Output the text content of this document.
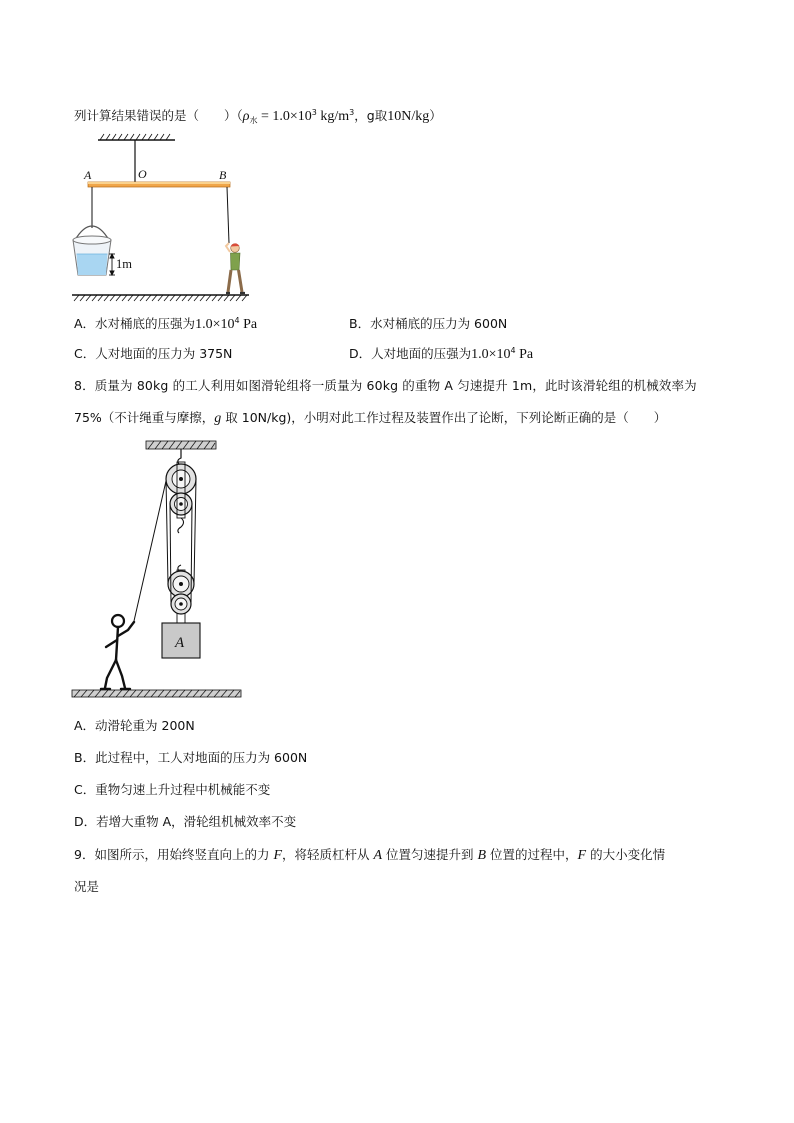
列计算结果错误的是（　　）（$\rho_水 = 1.0\times 10^3$ $kg/m^3$，g取10N/kg）
A	O	B
1m
A．水对桶底的压强为$1.0\times 10^4$ Pa	B．水对桶底的压力为 600N
C．人对地面的压力为 375N	D．人对地面的压强为$1.0\times 10^4$ Pa
8．质量为 80kg 的工人利用如图滑轮组将一质量为 60kg 的重物 A 匀速提升 1m，此时该滑轮组的机械效率为
75%（不计绳重与摩擦，g 取 10N/kg)，小明对此工作过程及装置作出了论断，下列论断正确的是（　　）
A
A．动滑轮重为 200N
B．此过程中，工人对地面的压力为 600N
C．重物匀速上升过程中机械能不变
D．若增大重物 A，滑轮组机械效率不变
9．如图所示，用始终竖直向上的力 F，将轻质杠杆从 A 位置匀速提升到 B 位置的过程中，F 的大小变化情
况是
